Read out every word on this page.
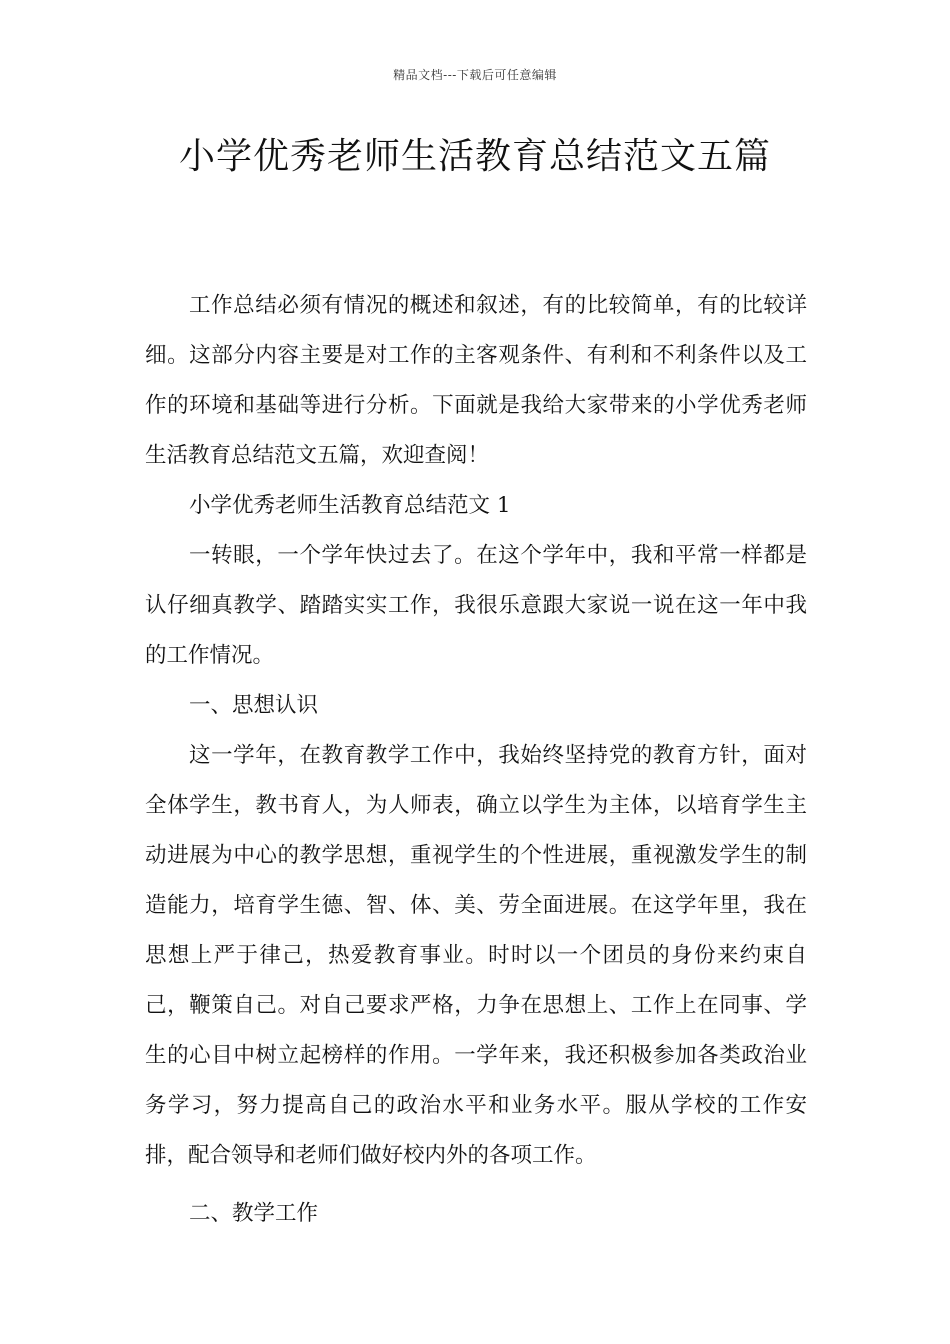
精品文档---下载后可任意编辑
小学优秀老师生活教育总结范文五篇

工作总结必须有情况的概述和叙述，有的比较简单，有的比较详细。这部分内容主要是对工作的主客观条件、有利和不利条件以及工作的环境和基础等进行分析。下面就是我给大家带来的小学优秀老师生活教育总结范文五篇，欢迎查阅！

小学优秀老师生活教育总结范文 1

一转眼，一个学年快过去了。在这个学年中，我和平常一样都是认仔细真教学、踏踏实实工作，我很乐意跟大家说一说在这一年中我的工作情况。

一、思想认识

这一学年，在教育教学工作中，我始终坚持党的教育方针，面对全体学生，教书育人，为人师表，确立以学生为主体，以培育学生主动进展为中心的教学思想，重视学生的个性进展，重视激发学生的制造能力，培育学生德、智、体、美、劳全面进展。在这学年里，我在思想上严于律己，热爱教育事业。时时以一个团员的身份来约束自己，鞭策自己。对自己要求严格，力争在思想上、工作上在同事、学生的心目中树立起榜样的作用。一学年来，我还积极参加各类政治业务学习，努力提高自己的政治水平和业务水平。服从学校的工作安排，配合领导和老师们做好校内外的各项工作。

二、教学工作
